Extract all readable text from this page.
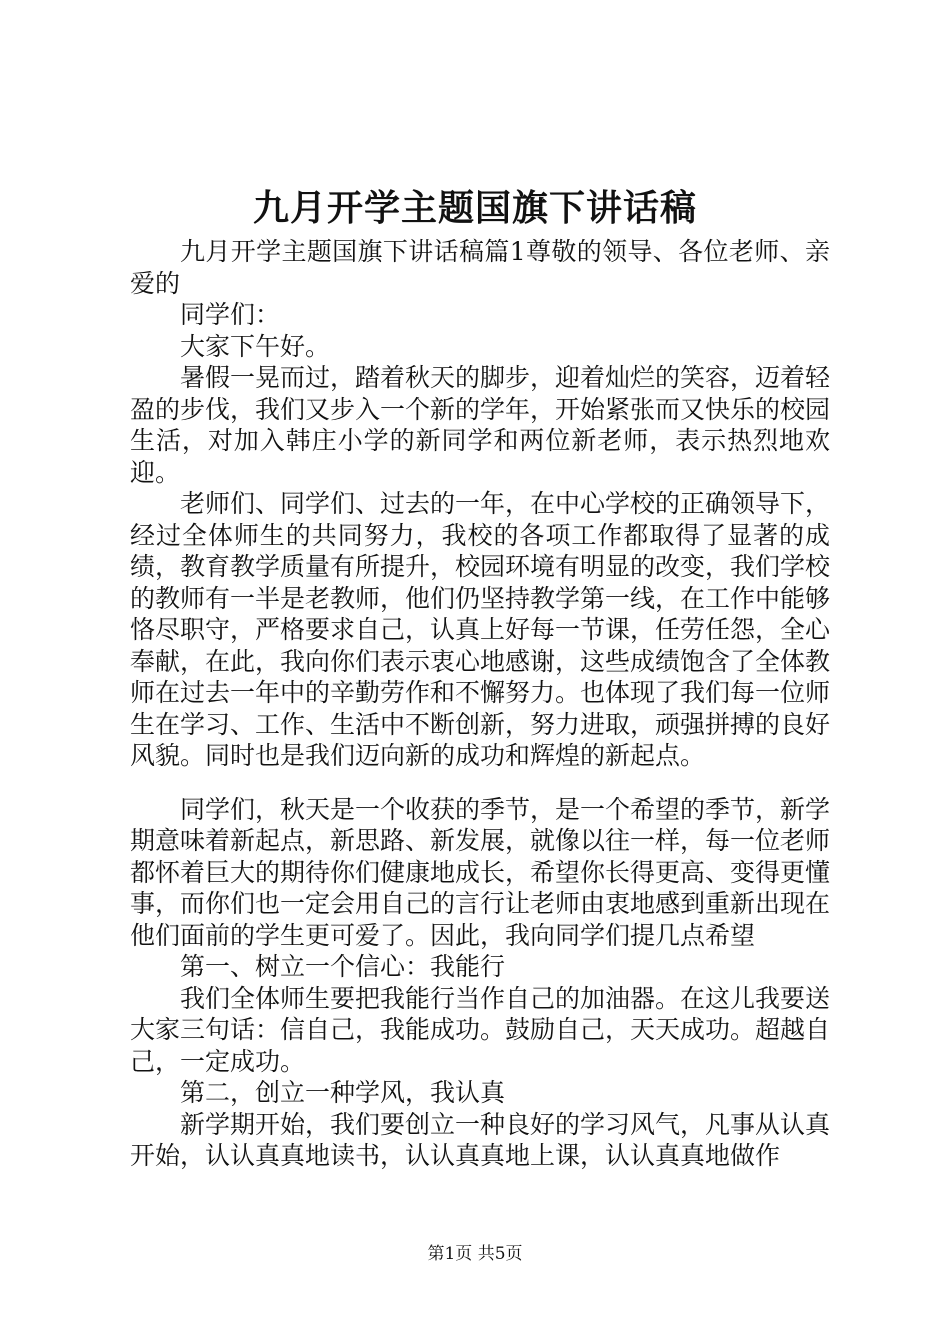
九月开学主题国旗下讲话稿

九月开学主题国旗下讲话稿篇1尊敬的领导、各位老师、亲爱的

同学们：

大家下午好。

暑假一晃而过，踏着秋天的脚步，迎着灿烂的笑容，迈着轻盈的步伐，我们又步入一个新的学年，开始紧张而又快乐的校园生活，对加入韩庄小学的新同学和两位新老师，表示热烈地欢迎。

老师们、同学们、过去的一年，在中心学校的正确领导下，经过全体师生的共同努力，我校的各项工作都取得了显著的成绩，教育教学质量有所提升，校园环境有明显的改变，我们学校的教师有一半是老教师，他们仍坚持教学第一线，在工作中能够恪尽职守，严格要求自己，认真上好每一节课，任劳任怨，全心奉献，在此，我向你们表示衷心地感谢，这些成绩饱含了全体教师在过去一年中的辛勤劳作和不懈努力。也体现了我们每一位师生在学习、工作、生活中不断创新，努力进取，顽强拼搏的良好风貌。同时也是我们迈向新的成功和辉煌的新起点。

同学们，秋天是一个收获的季节，是一个希望的季节，新学期意味着新起点，新思路、新发展，就像以往一样，每一位老师都怀着巨大的期待你们健康地成长，希望你长得更高、变得更懂事，而你们也一定会用自己的言行让老师由衷地感到重新出现在他们面前的学生更可爱了。因此，我向同学们提几点希望

第一、树立一个信心：我能行

我们全体师生要把我能行当作自己的加油器。在这儿我要送大家三句话：信自己，我能成功。鼓励自己，天天成功。超越自己，一定成功。

第二，创立一种学风，我认真

新学期开始，我们要创立一种良好的学习风气，凡事从认真开始，认认真真地读书，认认真真地上课，认认真真地做作

第1页 共5页
